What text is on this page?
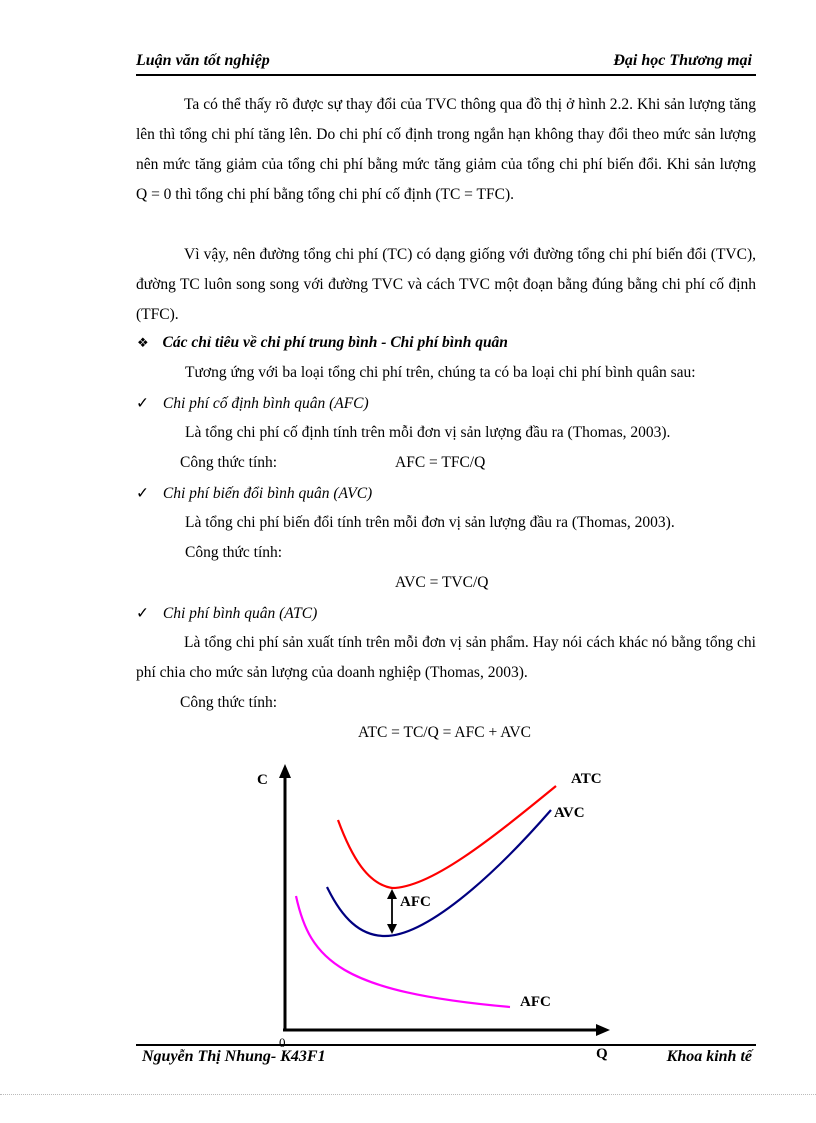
Luận văn tốt nghiệp	Đại học Thương mại
Ta có thể thấy rõ được sự thay đổi của TVC thông qua đồ thị ở hình 2.2. Khi sản lượng tăng lên thì tổng chi phí tăng lên. Do chi phí cố định trong ngắn hạn không thay đổi theo mức sản lượng nên mức tăng giảm của tổng chi phí bằng mức tăng giảm của tổng chi phí biến đổi. Khi sản lượng Q = 0 thì tổng chi phí bằng tổng chi phí cố định (TC = TFC).
Vì vậy, nên đường tổng chi phí (TC) có dạng giống với đường tổng chi phí biến đổi (TVC), đường TC luôn song song với đường TVC và cách TVC một đoạn bằng đúng bằng chi phí cố định (TFC).
❖ Các chỉ tiêu về chi phí trung bình - Chi phí bình quân
Tương ứng với ba loại tổng chi phí trên, chúng ta có ba loại chi phí bình quân sau:
✓ Chi phí cố định bình quân (AFC)
Là tổng chi phí cố định tính trên mỗi đơn vị sản lượng đầu ra (Thomas, 2003).
Công thức tính:	AFC = TFC/Q
✓ Chi phí biến đổi bình quân (AVC)
Là tổng chi phí biến đổi tính trên mỗi đơn vị sản lượng đầu ra (Thomas, 2003).
Công thức tính:
AVC = TVC/Q
✓ Chi phí bình quân (ATC)
Là tổng chi phí sản xuất tính trên mỗi đơn vị sản phẩm. Hay nói cách khác nó bằng tổng chi phí chia cho mức sản lượng của doanh nghiệp (Thomas, 2003).
Công thức tính:
ATC = TC/Q = AFC + AVC
C
Q
0
ATC
AVC
AFC
AFC
Nguyễn Thị Nhung- K43F1	Khoa kinh tế
